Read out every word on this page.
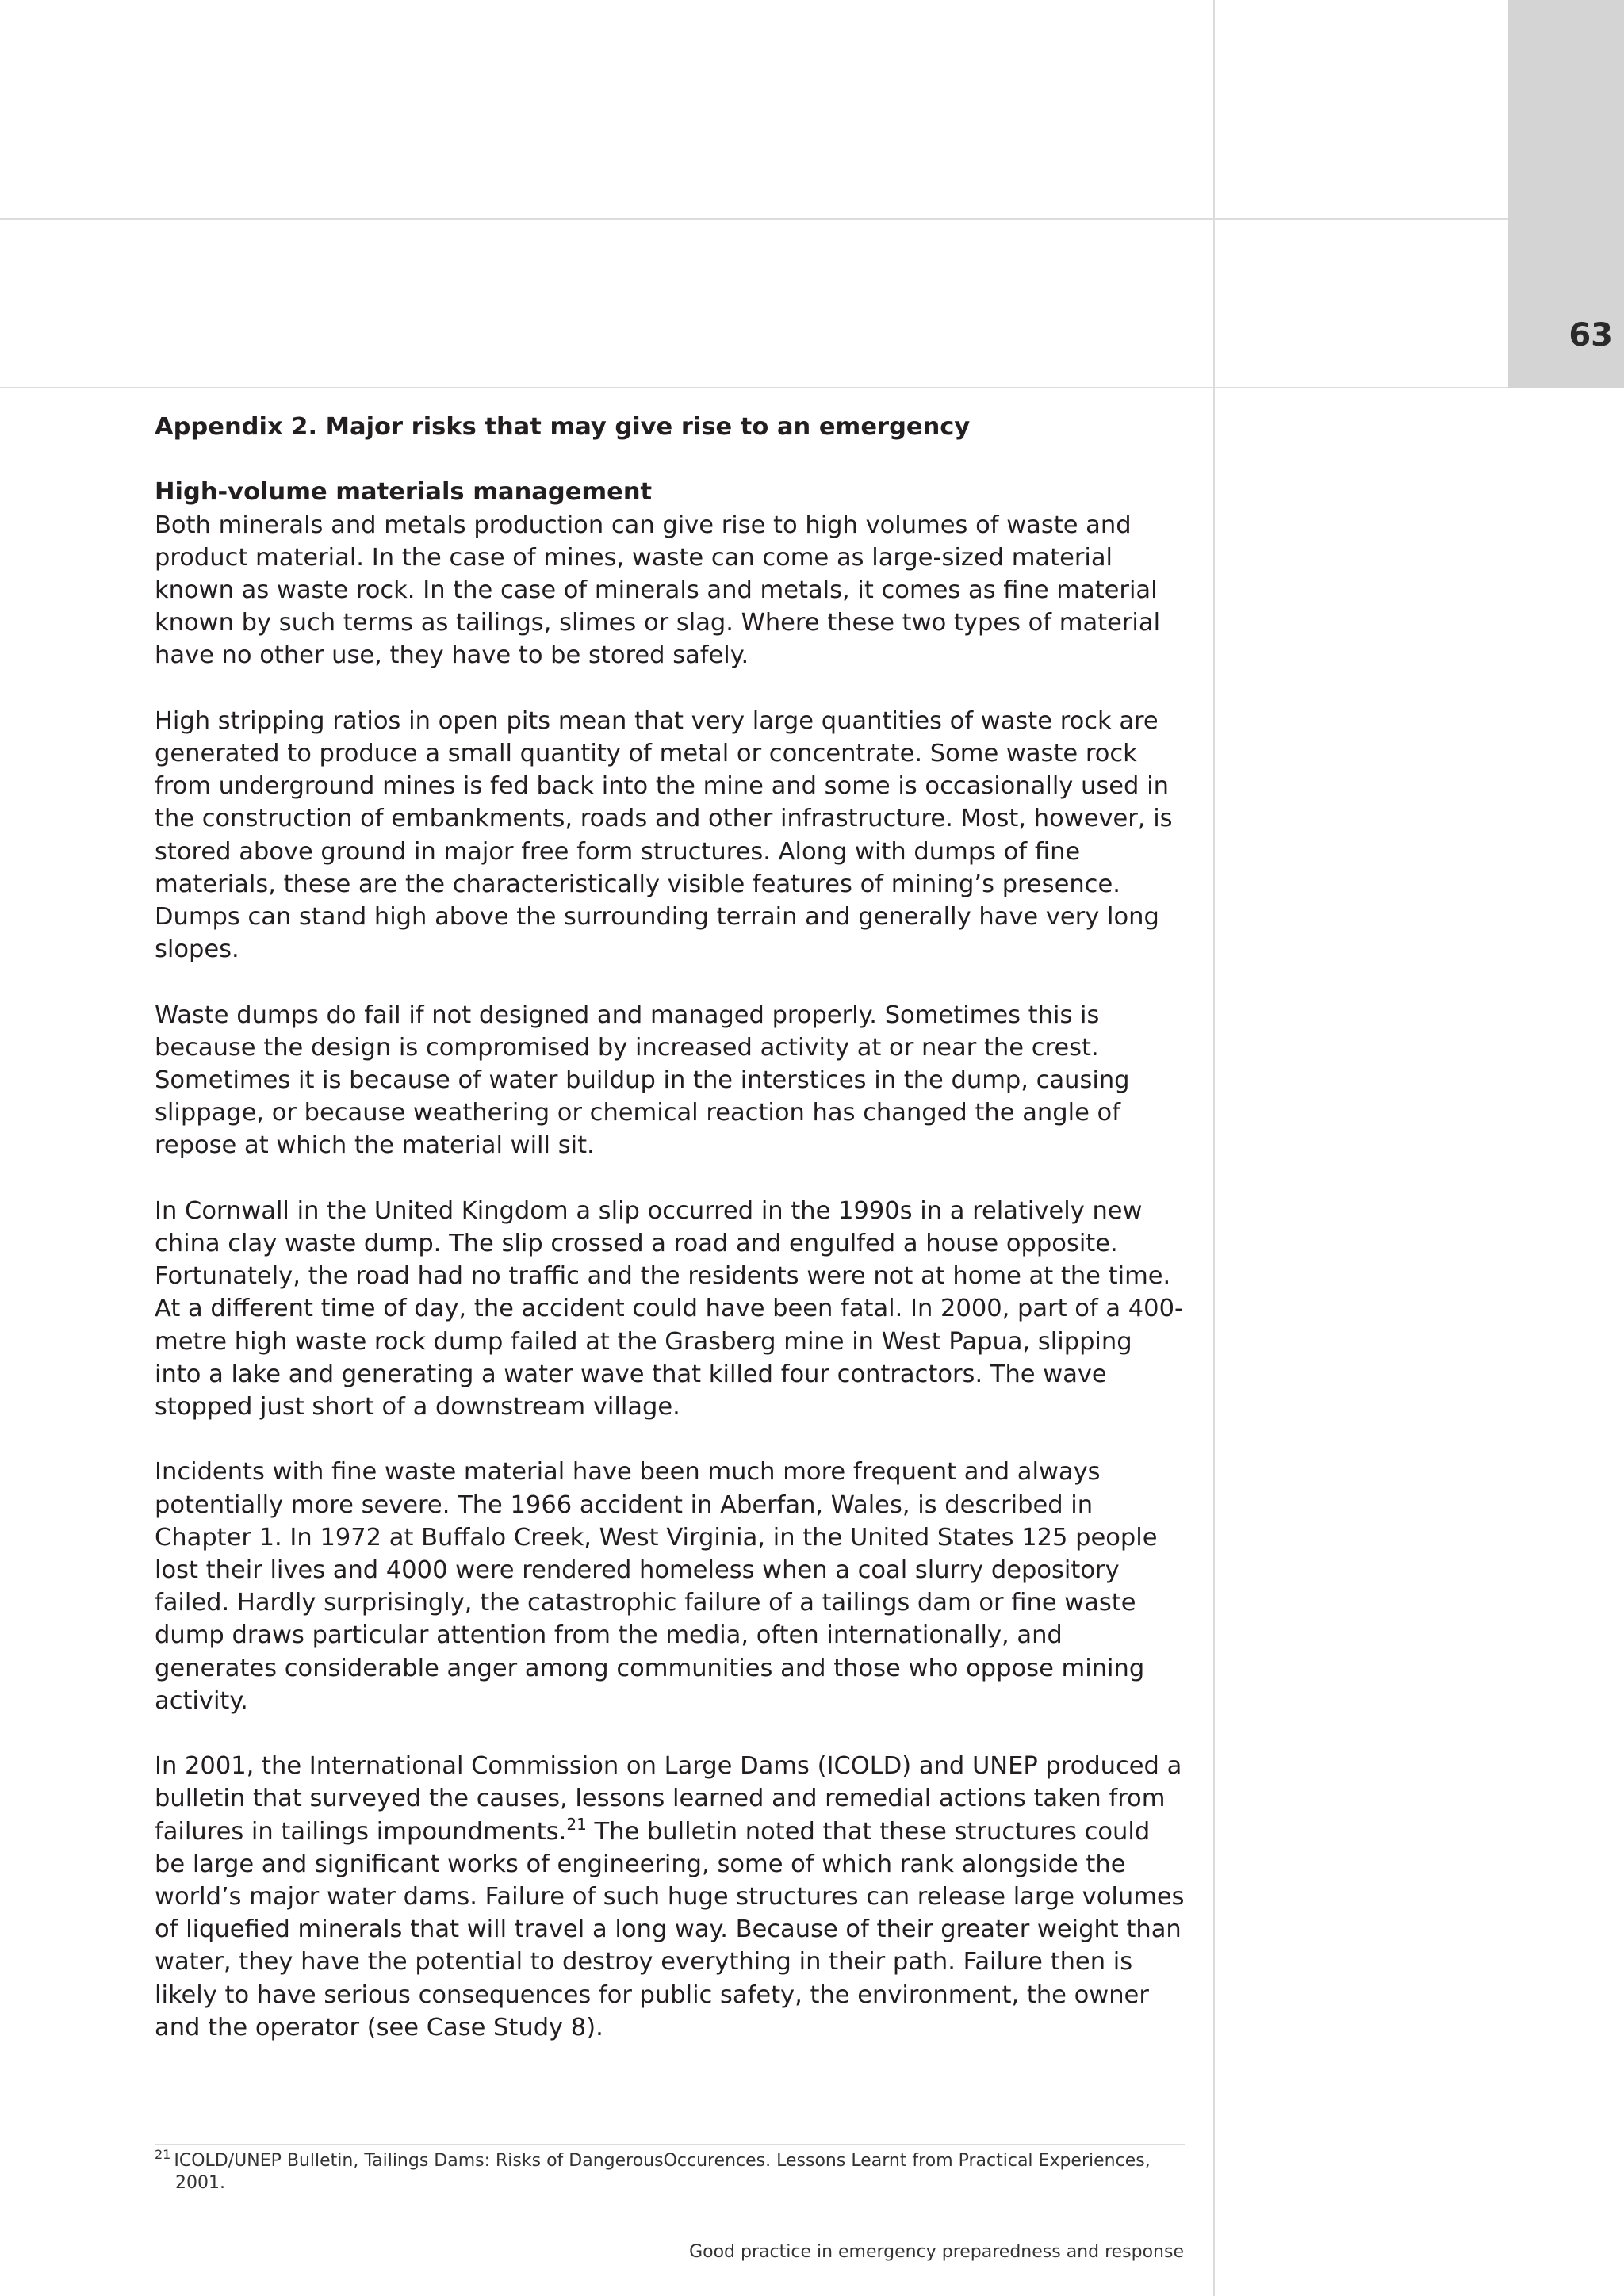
63

Appendix 2. Major risks that may give rise to an emergency

High-volume materials management

Both minerals and metals production can give rise to high volumes of waste and product material. In the case of mines, waste can come as large-sized material known as waste rock. In the case of minerals and metals, it comes as fine material known by such terms as tailings, slimes or slag. Where these two types of material have no other use, they have to be stored safely.

High stripping ratios in open pits mean that very large quantities of waste rock are generated to produce a small quantity of metal or concentrate. Some waste rock from underground mines is fed back into the mine and some is occasionally used in the construction of embankments, roads and other infrastructure. Most, however, is stored above ground in major free form structures. Along with dumps of fine materials, these are the characteristically visible features of mining’s presence. Dumps can stand high above the surrounding terrain and generally have very long slopes.

Waste dumps do fail if not designed and managed properly. Sometimes this is because the design is compromised by increased activity at or near the crest. Sometimes it is because of water buildup in the interstices in the dump, causing slippage, or because weathering or chemical reaction has changed the angle of repose at which the material will sit.

In Cornwall in the United Kingdom a slip occurred in the 1990s in a relatively new china clay waste dump. The slip crossed a road and engulfed a house opposite. Fortunately, the road had no traffic and the residents were not at home at the time. At a different time of day, the accident could have been fatal. In 2000, part of a 400-metre high waste rock dump failed at the Grasberg mine in West Papua, slipping into a lake and generating a water wave that killed four contractors. The wave stopped just short of a downstream village.

Incidents with fine waste material have been much more frequent and always potentially more severe. The 1966 accident in Aberfan, Wales, is described in Chapter 1. In 1972 at Buffalo Creek, West Virginia, in the United States 125 people lost their lives and 4000 were rendered homeless when a coal slurry depository failed. Hardly surprisingly, the catastrophic failure of a tailings dam or fine waste dump draws particular attention from the media, often internationally, and generates considerable anger among communities and those who oppose mining activity.

In 2001, the International Commission on Large Dams (ICOLD) and UNEP produced a bulletin that surveyed the causes, lessons learned and remedial actions taken from failures in tailings impoundments.$^{21}$ The bulletin noted that these structures could be large and significant works of engineering, some of which rank alongside the world’s major water dams. Failure of such huge structures can release large volumes of liquefied minerals that will travel a long way. Because of their greater weight than water, they have the potential to destroy everything in their path. Failure then is likely to have serious consequences for public safety, the environment, the owner and the operator (see Case Study 8).

$^{21}$ ICOLD/UNEP Bulletin, Tailings Dams: Risks of DangerousOccurences. Lessons Learnt from Practical Experiences, 2001.
Good practice in emergency preparedness and response
